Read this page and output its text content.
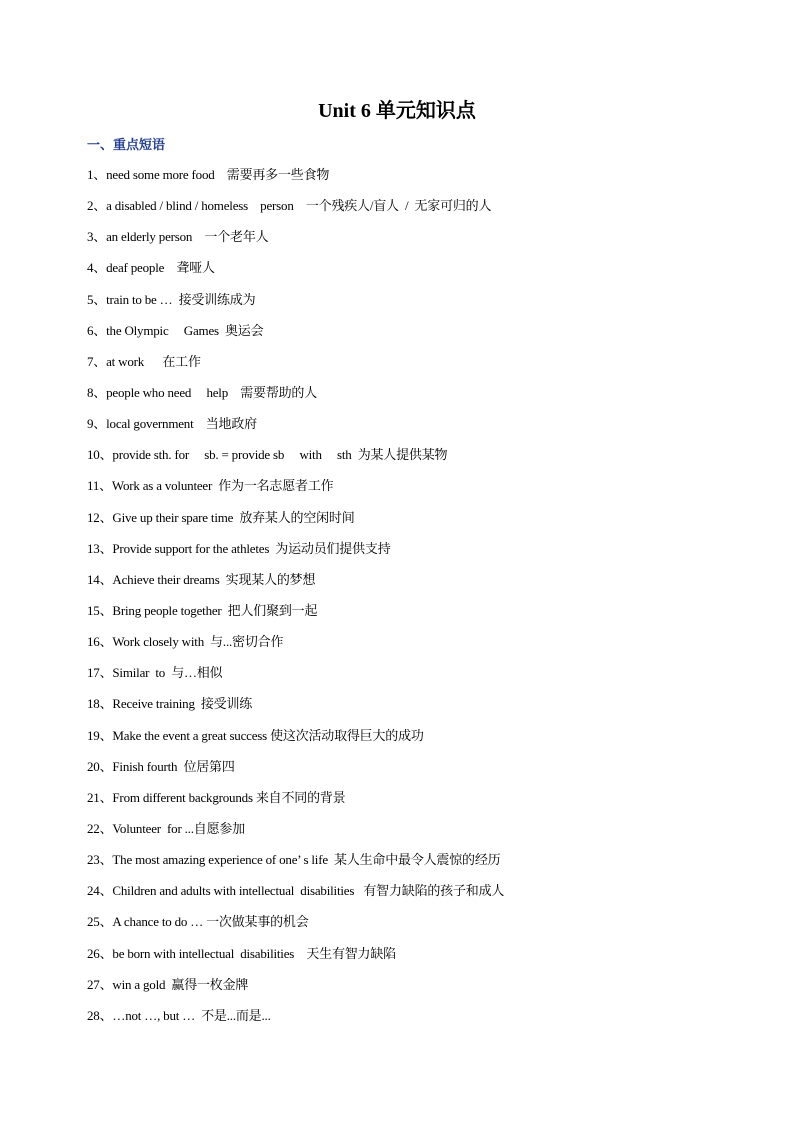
Unit 6 单元知识点
一、重点短语
1、need some more food    需要再多一些食物
2、a disabled / blind / homeless    person    一个残疾人/盲人  /  无家可归的人
3、an elderly person    一个老年人
4、deaf people    聋哑人
5、train to be …  接受训练成为
6、the Olympic     Games  奥运会
7、at work      在工作
8、people who need     help    需要帮助的人
9、local government    当地政府
10、provide sth. for     sb. = provide sb     with     sth  为某人提供某物
11、Work as a volunteer  作为一名志愿者工作
12、Give up their spare time  放弃某人的空闲时间
13、Provide support for the athletes  为运动员们提供支持
14、Achieve their dreams  实现某人的梦想
15、Bring people together  把人们聚到一起
16、Work closely with  与...密切合作
17、Similar  to  与…相似
18、Receive training  接受训练
19、Make the event a great success 使这次活动取得巨大的成功
20、Finish fourth  位居第四
21、From different backgrounds 来自不同的背景
22、Volunteer  for ...自愿参加
23、The most amazing experience of one’ s life  某人生命中最令人震惊的经历
24、Children and adults with intellectual  disabilities   有智力缺陷的孩子和成人
25、A chance to do … 一次做某事的机会
26、be born with intellectual  disabilities    天生有智力缺陷
27、win a gold  赢得一枚金牌
28、…not …, but …  不是...而是...
